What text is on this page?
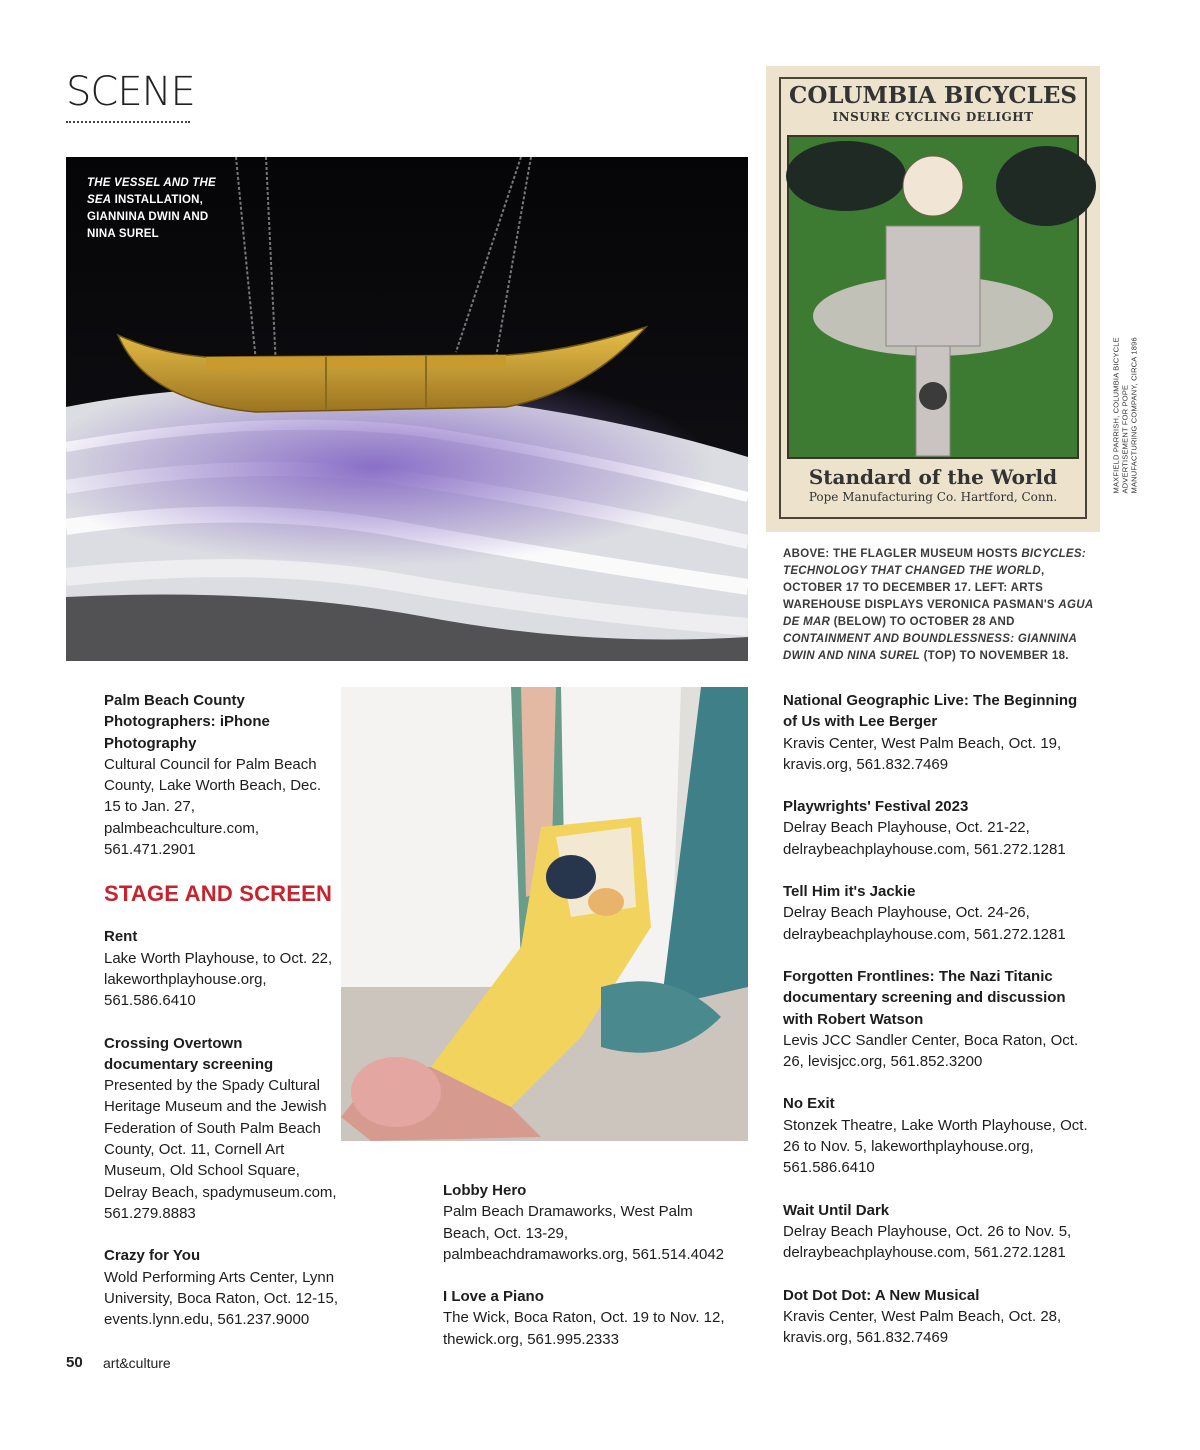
SCENE
THE VESSEL AND THE SEA INSTALLATION, GIANNINA DWIN AND NINA SUREL
COLUMBIA BICYCLES
INSURE CYCLING DELIGHT
Standard of the World
Pope Manufacturing Co. Hartford, Conn.
MAXFIELD PARRISH, COLUMBIA BICYCLE ADVERTISEMENT FOR POPE MANUFACTURING COMPANY, CIRCA 1896
ABOVE: THE FLAGLER MUSEUM HOSTS BICYCLES: TECHNOLOGY THAT CHANGED THE WORLD, OCTOBER 17 TO DECEMBER 17. LEFT: ARTS WAREHOUSE DISPLAYS VERONICA PASMAN'S AGUA DE MAR (BELOW) TO OCTOBER 28 AND CONTAINMENT AND BOUNDLESSNESS: GIANNINA DWIN AND NINA SUREL (TOP) TO NOVEMBER 18.
Palm Beach County Photographers: iPhone Photography
Cultural Council for Palm Beach County, Lake Worth Beach, Dec. 15 to Jan. 27, palmbeachculture.com, 561.471.2901
STAGE AND SCREEN
Rent
Lake Worth Playhouse, to Oct. 22, lakeworthplayhouse.org, 561.586.6410
Crossing Overtown documentary screening
Presented by the Spady Cultural Heritage Museum and the Jewish Federation of South Palm Beach County, Oct. 11, Cornell Art Museum, Old School Square, Delray Beach, spadymuseum.com, 561.279.8883
Crazy for You
Wold Performing Arts Center, Lynn University, Boca Raton, Oct. 12-15, events.lynn.edu, 561.237.9000
Lobby Hero
Palm Beach Dramaworks, West Palm Beach, Oct. 13-29, palmbeachdramaworks.org, 561.514.4042
I Love a Piano
The Wick, Boca Raton, Oct. 19 to Nov. 12, thewick.org, 561.995.2333
National Geographic Live: The Beginning of Us with Lee Berger
Kravis Center, West Palm Beach, Oct. 19, kravis.org, 561.832.7469
Playwrights' Festival 2023
Delray Beach Playhouse, Oct. 21-22, delraybeachplayhouse.com, 561.272.1281
Tell Him it's Jackie
Delray Beach Playhouse, Oct. 24-26, delraybeachplayhouse.com, 561.272.1281
Forgotten Frontlines: The Nazi Titanic documentary screening and discussion with Robert Watson
Levis JCC Sandler Center, Boca Raton, Oct. 26, levisjcc.org, 561.852.3200
No Exit
Stonzek Theatre, Lake Worth Playhouse, Oct. 26 to Nov. 5, lakeworthplayhouse.org, 561.586.6410
Wait Until Dark
Delray Beach Playhouse, Oct. 26 to Nov. 5, delraybeachplayhouse.com, 561.272.1281
Dot Dot Dot: A New Musical
Kravis Center, West Palm Beach, Oct. 28, kravis.org, 561.832.7469
50 art&culture
